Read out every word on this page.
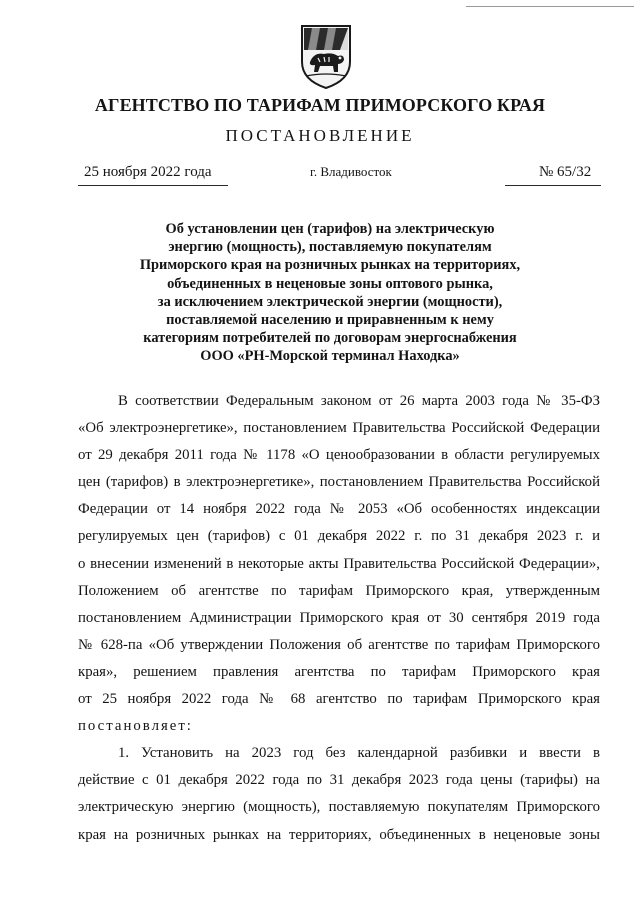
АГЕНТСТВО ПО ТАРИФАМ ПРИМОРСКОГО КРАЯ
ПОСТАНОВЛЕНИЕ
25 ноября 2022 года	г. Владивосток	№ 65/32
Об установлении цен (тарифов) на электрическую
энергию (мощность), поставляемую покупателям
Приморского края на розничных рынках на территориях,
объединенных в неценовые зоны оптового рынка,
за исключением электрической энергии (мощности),
поставляемой населению и приравненным к нему
категориям потребителей по договорам энергоснабжения
ООО «РН-Морской терминал Находка»
В соответствии Федеральным законом от 26 марта 2003 года № 35-ФЗ
«Об электроэнергетике», постановлением Правительства Российской Федерации
от 29 декабря 2011 года № 1178 «О ценообразовании в области регулируемых
цен (тарифов) в электроэнергетике», постановлением Правительства Российской
Федерации от 14 ноября 2022 года № 2053 «Об особенностях индексации
регулируемых цен (тарифов) с 01 декабря 2022 г. по 31 декабря 2023 г. и
о внесении изменений в некоторые акты Правительства Российской Федерации»,
Положением об агентстве по тарифам Приморского края, утвержденным
постановлением Администрации Приморского края от 30 сентября 2019 года
№ 628-па «Об утверждении Положения об агентстве по тарифам Приморского
края», решением правления агентства по тарифам Приморского края
от 25 ноября 2022 года № 68 агентство по тарифам Приморского края
постановляет:
1. Установить на 2023 год без календарной разбивки и ввести в
действие с 01 декабря 2022 года по 31 декабря 2023 года цены (тарифы) на
электрическую энергию (мощность), поставляемую покупателям Приморского
края на розничных рынках на территориях, объединенных в неценовые зоны
